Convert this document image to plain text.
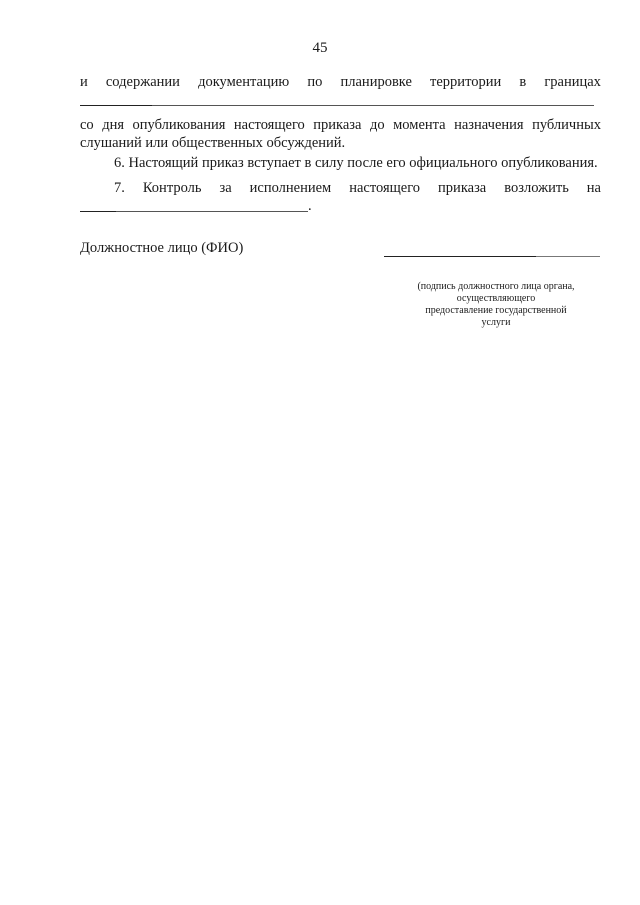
45
и содержании документацию по планировке территории в границах
со дня опубликования настоящего приказа до момента назначения публичных
слушаний или общественных обсуждений.
6. Настоящий приказ вступает в силу после его официального опубликования.
7. Контроль за исполнением настоящего приказа возложить на
.
Должностное лицо (ФИО)
(подпись должностного лица органа,
осуществляющего
предоставление государственной
услуги
